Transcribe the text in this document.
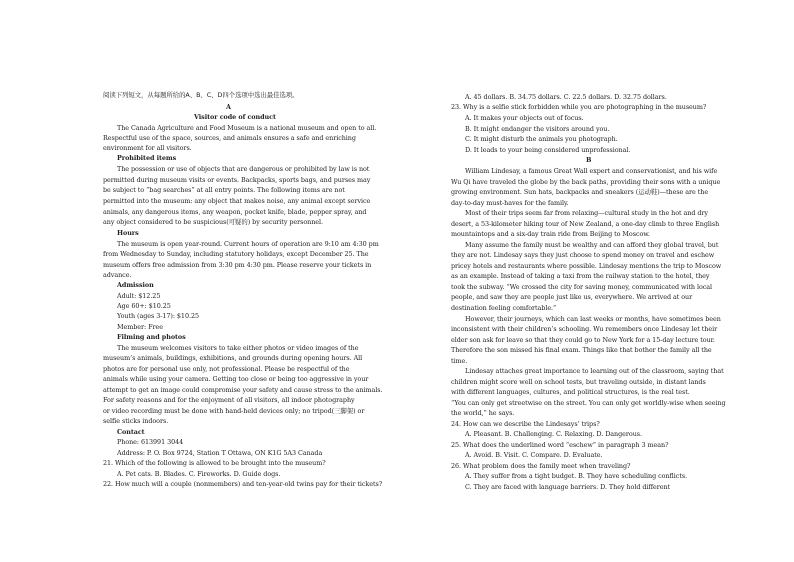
阅读下列短文，从每题所给的A、B、C、D四个选项中选出最佳选项。
A
Visitor code of conduct
The Canada Agriculture and Food Museum is a national museum and open to all.
Respectful use of the space, sources, and animals ensures a safe and enriching
environment for all visitors.
Prohibited items
The possession or use of objects that are dangerous or prohibited by law is not
permitted during museum visits or events. Backpacks, sports bags, and purses may
be subject to “bag searches” at all entry points. The following items are not
permitted into the museum: any object that makes noise, any animal except service
animals, any dangerous items, any weapon, pocket knife, blade, pepper spray, and
any object considered to be suspicious(可疑的) by security personnel.
Hours
The museum is open year-round. Current hours of operation are 9:10 am 4:30 pm
from Wednesday to Sunday, including statutory holidays, except December 25. The
museum offers free admission from 3:30 pm 4:30 pm. Please reserve your tickets in
advance.
Admission
Adult: $12.25
Age 60+: $10.25
Youth (ages 3-17): $10.25
Member: Free
Filming and photos
The museum welcomes visitors to take either photos or video images of the
museum’s animals, buildings, exhibitions, and grounds during opening hours. All
photos are for personal use only, not professional. Please be respectful of the
animals while using your camera. Getting too close or being too aggressive in your
attempt to get an image could compromise your safety and cause stress to the animals.
For safety reasons and for the enjoyment of all visitors, all indoor photography
or video recording must be done with hand-held devices only; no tripod(三脚架) or
selfie sticks indoors.
Contact
Phone: 613991 3044
Address: P. O. Box 9724, Station T Ottawa, ON K1G 5A3 Canada
21. Which of the following is allowed to be brought into the museum?
A. Pet cats. B. Blades. C. Fireworks. D. Guide dogs.
22. How much will a couple (nonmembers) and ten-year-old twins pay for their tickets?
A. 45 dollars. B. 34.75 dollars. C. 22.5 dollars. D. 32.75 dollars.
23. Why is a selfie stick forbidden while you are photographing in the museum?
A. It makes your objects out of focus.
B. It might endanger the visitors around you.
C. It might disturb the animals you photograph.
D. It leads to your being considered unprofessional.
B
William Lindesay, a famous Great Wall expert and conservationist, and his wife
Wu Qi have traveled the globe by the back paths, providing their sons with a unique
growing environment. Sun hats, backpacks and sneakers (运动鞋)—these are the
day-to-day must-haves for the family.
Most of their trips seem far from relaxing—cultural study in the hot and dry
desert, a 53-kilometer hiking tour of New Zealand, a one-day climb to three English
mountaintops and a six-day train ride from Beijing to Moscow.
Many assume the family must be wealthy and can afford they global travel, but
they are not. Lindesay says they just choose to spend money on travel and eschew
pricey hotels and restaurants where possible. Lindesay mentions the trip to Moscow
as an example. Instead of taking a taxi from the railway station to the hotel, they
took the subway. “We crossed the city for saving money, communicated with local
people, and saw they are people just like us, everywhere. We arrived at our
destination feeling comfortable.”
However, their journeys, which can last weeks or months, have sometimes been
inconsistent with their children’s schooling. Wu remembers once Lindesay let their
elder son ask for leave so that they could go to New York for a 15-day lecture tour.
Therefore the son missed his final exam. Things like that bother the family all the
time.
Lindesay attaches great importance to learning out of the classroom, saying that
children might score well on school tests, but traveling outside, in distant lands
with different languages, cultures, and political structures, is the real test.
“You can only get streetwise on the street. You can only get worldly-wise when seeing
the world,” he says.
24. How can we describe the Lindesays’ trips?
A. Pleasant. B. Challenging. C. Relaxing. D. Dangerous.
25. What does the underlined word “eschew” in paragraph 3 mean?
A. Avoid. B. Visit. C. Compare. D. Evaluate.
26. What problem does the family meet when traveling?
A. They suffer from a tight budget. B. They have scheduling conflicts.
C. They are faced with language barriers. D. They hold different
